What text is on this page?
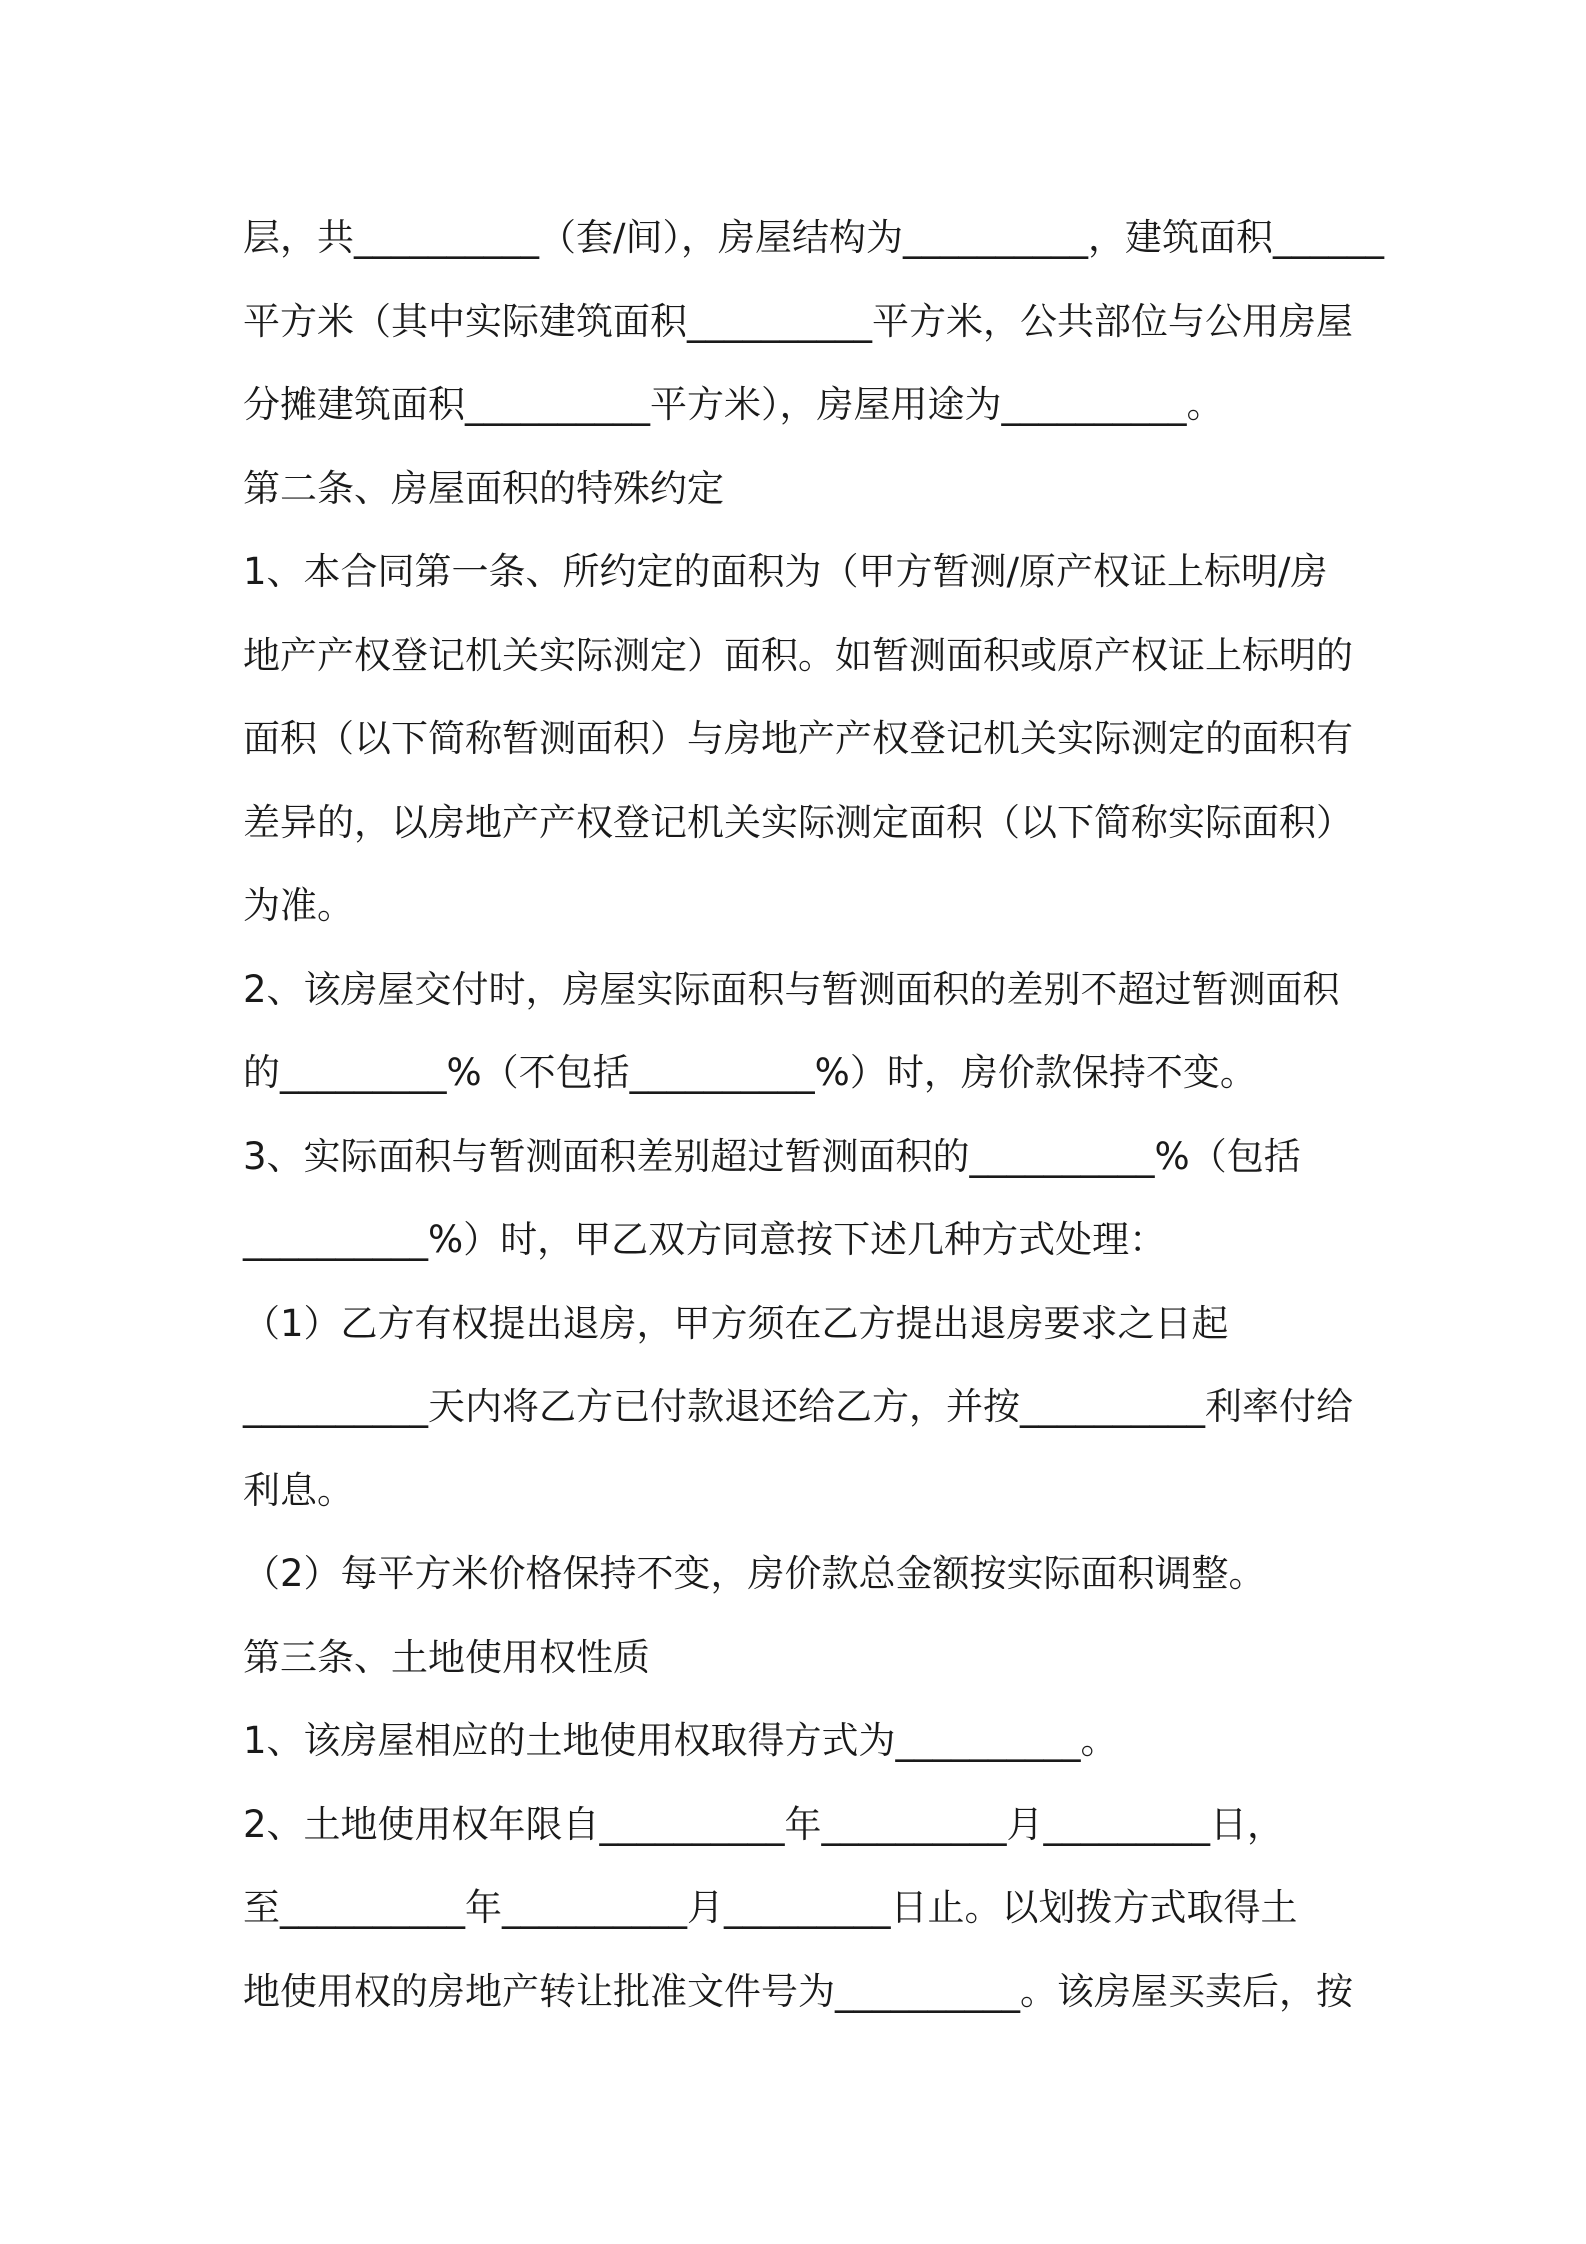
层，共__________（套/间），房屋结构为__________，建筑面积______
平方米（其中实际建筑面积__________平方米，公共部位与公用房屋
分摊建筑面积__________平方米），房屋用途为__________。
第二条、房屋面积的特殊约定
1、本合同第一条、所约定的面积为（甲方暂测/原产权证上标明/房
地产产权登记机关实际测定）面积。如暂测面积或原产权证上标明的
面积（以下简称暂测面积）与房地产产权登记机关实际测定的面积有
差异的，以房地产产权登记机关实际测定面积（以下简称实际面积）
为准。
2、该房屋交付时，房屋实际面积与暂测面积的差别不超过暂测面积
的_________%（不包括__________%）时，房价款保持不变。
3、实际面积与暂测面积差别超过暂测面积的__________%（包括
__________%）时，甲乙双方同意按下述几种方式处理：
（1）乙方有权提出退房，甲方须在乙方提出退房要求之日起
__________天内将乙方已付款退还给乙方，并按__________利率付给
利息。
（2）每平方米价格保持不变，房价款总金额按实际面积调整。
第三条、土地使用权性质
1、该房屋相应的土地使用权取得方式为__________。
2、土地使用权年限自__________年__________月_________日，
至__________年__________月_________日止。以划拨方式取得土
地使用权的房地产转让批准文件号为__________。该房屋买卖后，按
